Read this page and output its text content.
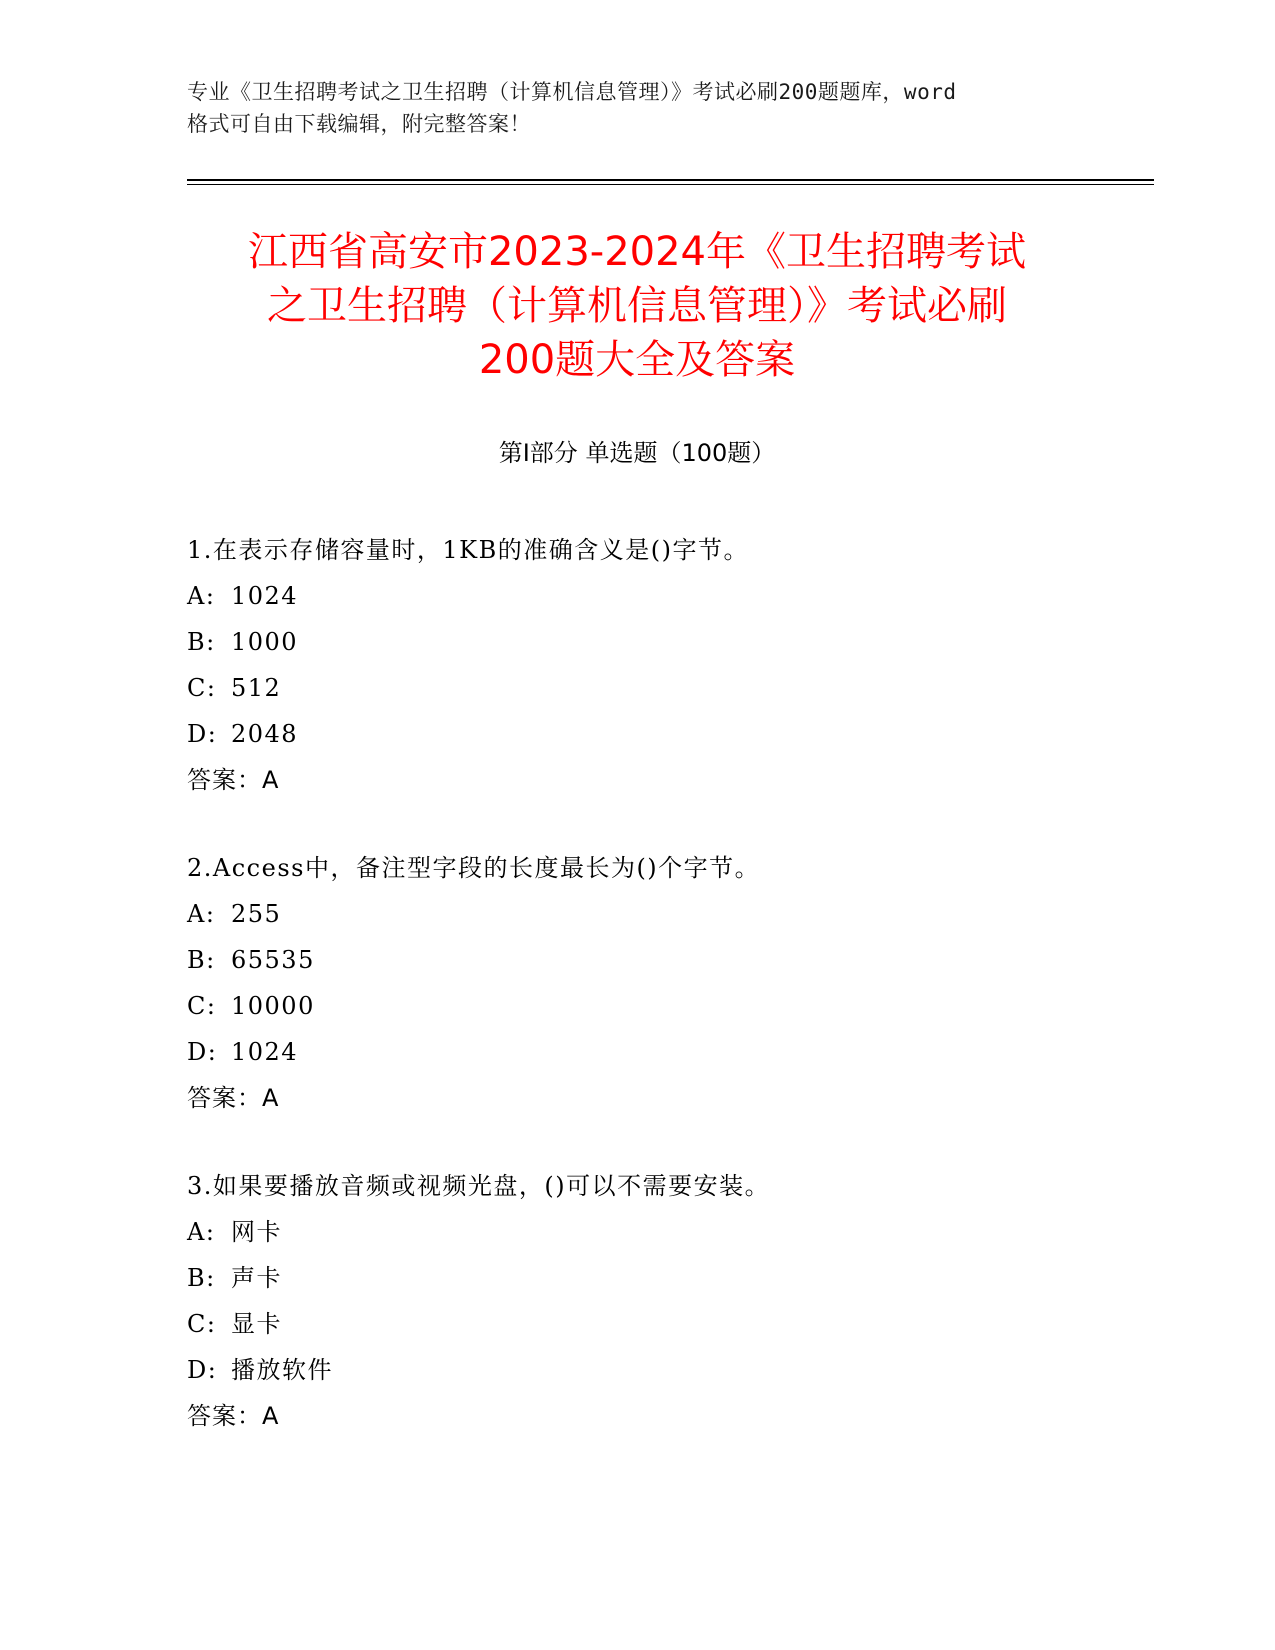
专业《卫生招聘考试之卫生招聘（计算机信息管理）》考试必刷200题题库，word
格式可自由下载编辑，附完整答案！
江西省高安市2023-2024年《卫生招聘考试
之卫生招聘（计算机信息管理）》考试必刷
200题大全及答案
第Ⅰ部分 单选题（100题）
1.在表示存储容量时，1KB的准确含义是()字节。
A: 1024
B: 1000
C: 512
D: 2048
答案：A
2.Access中，备注型字段的长度最长为()个字节。
A: 255
B: 65535
C: 10000
D: 1024
答案：A
3.如果要播放音频或视频光盘，()可以不需要安装。
A: 网卡
B: 声卡
C: 显卡
D: 播放软件
答案：A
